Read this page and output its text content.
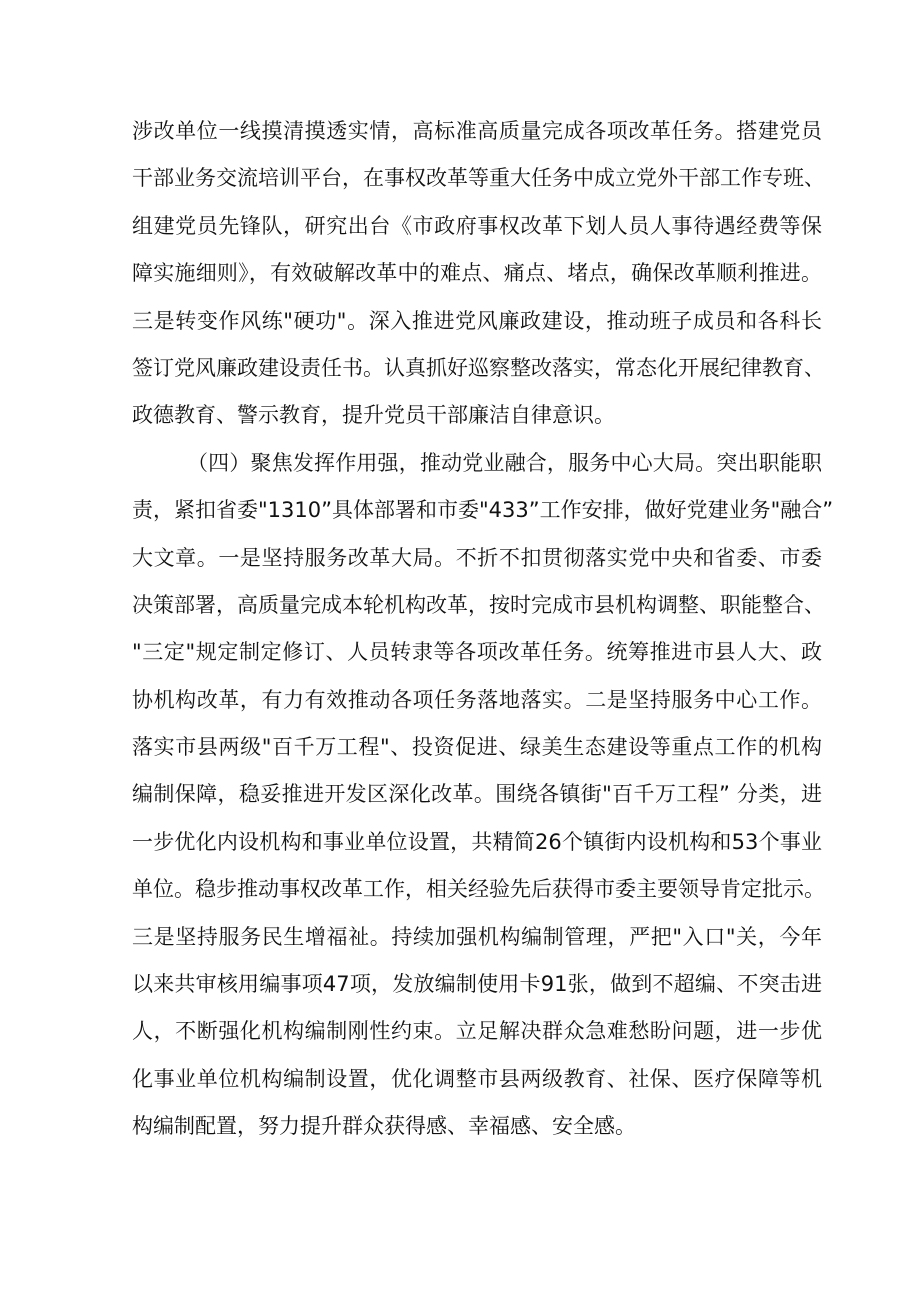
涉改单位一线摸清摸透实情，高标准高质量完成各项改革任务。搭建党员
干部业务交流培训平台，在事权改革等重大任务中成立党外干部工作专班、
组建党员先锋队，研究出台《市政府事权改革下划人员人事待遇经费等保
障实施细则》，有效破解改革中的难点、痛点、堵点，确保改革顺利推进。
三是转变作风练"硬功"。深入推进党风廉政建设，推动班子成员和各科长
签订党风廉政建设责任书。认真抓好巡察整改落实，常态化开展纪律教育、
政德教育、警示教育，提升党员干部廉洁自律意识。
（四）聚焦发挥作用强，推动党业融合，服务中心大局。突出职能职
责，紧扣省委"1310”具体部署和市委"433”工作安排，做好党建业务"融合”
大文章。一是坚持服务改革大局。不折不扣贯彻落实党中央和省委、市委
决策部署，高质量完成本轮机构改革，按时完成市县机构调整、职能整合、
"三定"规定制定修订、人员转隶等各项改革任务。统筹推进市县人大、政
协机构改革，有力有效推动各项任务落地落实。二是坚持服务中心工作。
落实市县两级"百千万工程"、投资促进、绿美生态建设等重点工作的机构
编制保障，稳妥推进开发区深化改革。围绕各镇街"百千万工程” 分类，进
一步优化内设机构和事业单位设置，共精简26个镇街内设机构和53个事业
单位。稳步推动事权改革工作，相关经验先后获得市委主要领导肯定批示。
三是坚持服务民生增福祉。持续加强机构编制管理，严把"入口"关，今年
以来共审核用编事项47项，发放编制使用卡91张，做到不超编、不突击进
人，不断强化机构编制刚性约束。立足解决群众急难愁盼问题，进一步优
化事业单位机构编制设置，优化调整市县两级教育、社保、医疗保障等机
构编制配置，努力提升群众获得感、幸福感、安全感。
